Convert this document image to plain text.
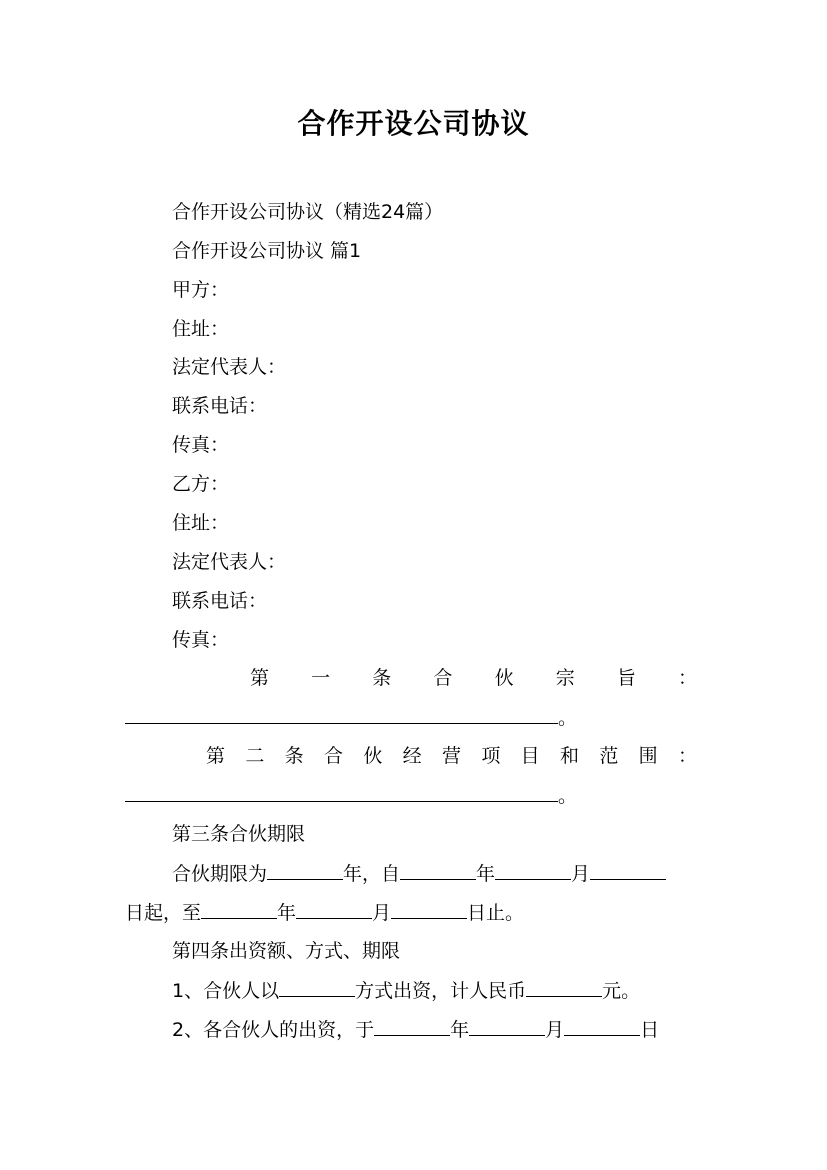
合作开设公司协议
合作开设公司协议（精选24篇）
合作开设公司协议 篇1
甲方：
住址：
法定代表人：
联系电话：
传真：
乙方：
住址：
法定代表人：
联系电话：
传真：
第 一 条 合 伙 宗 旨 ：
。
第 二 条 合 伙 经 营 项 目 和 范 围 ：
。
第三条合伙期限
合伙期限为	年，自	年	月
日起，至	年	月	日止。
第四条出资额、方式、期限
1、合伙人以	方式出资，计人民币	元。
2、各合伙人的出资，于	年	月	日
